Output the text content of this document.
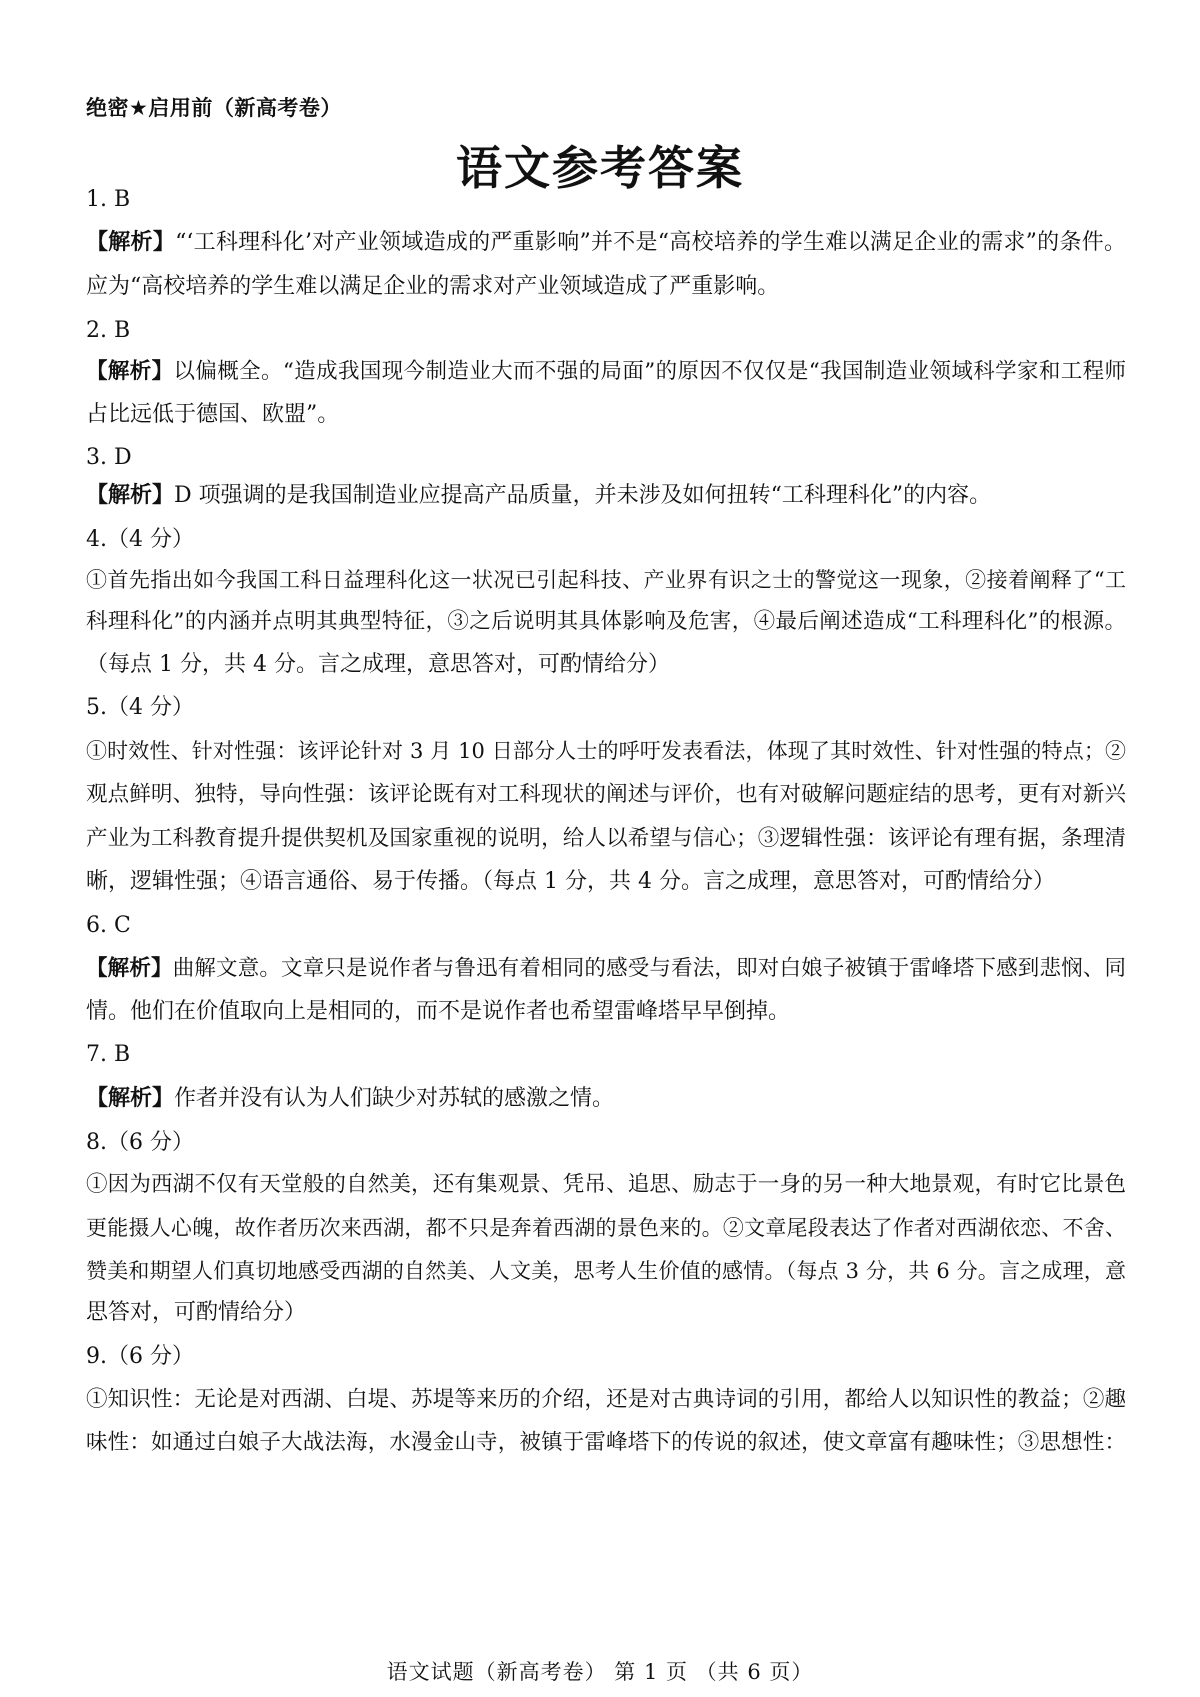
绝密★启用前（新高考卷）
语文参考答案
1. B
【解析】“‘工科理科化’对产业领域造成的严重影响”并不是“高校培养的学生难以满足企业的需求”的条件。
应为“高校培养的学生难以满足企业的需求对产业领域造成了严重影响。
2. B
【解析】以偏概全。“造成我国现今制造业大而不强的局面”的原因不仅仅是“我国制造业领域科学家和工程师
占比远低于德国、欧盟”。
3. D
【解析】D 项强调的是我国制造业应提高产品质量，并未涉及如何扭转“工科理科化”的内容。
4.（4 分）
①首先指出如今我国工科日益理科化这一状况已引起科技、产业界有识之士的警觉这一现象，②接着阐释了“工
科理科化”的内涵并点明其典型特征，③之后说明其具体影响及危害，④最后阐述造成“工科理科化”的根源。
（每点 1 分，共 4 分。言之成理，意思答对，可酌情给分）
5.（4 分）
①时效性、针对性强：该评论针对 3 月 10 日部分人士的呼吁发表看法，体现了其时效性、针对性强的特点；②
观点鲜明、独特，导向性强：该评论既有对工科现状的阐述与评价，也有对破解问题症结的思考，更有对新兴
产业为工科教育提升提供契机及国家重视的说明，给人以希望与信心；③逻辑性强：该评论有理有据，条理清
晰，逻辑性强；④语言通俗、易于传播。（每点 1 分，共 4 分。言之成理，意思答对，可酌情给分）
6. C
【解析】曲解文意。文章只是说作者与鲁迅有着相同的感受与看法，即对白娘子被镇于雷峰塔下感到悲悯、同
情。他们在价值取向上是相同的，而不是说作者也希望雷峰塔早早倒掉。
7. B
【解析】作者并没有认为人们缺少对苏轼的感激之情。
8.（6 分）
①因为西湖不仅有天堂般的自然美，还有集观景、凭吊、追思、励志于一身的另一种大地景观，有时它比景色
更能摄人心魄，故作者历次来西湖，都不只是奔着西湖的景色来的。②文章尾段表达了作者对西湖依恋、不舍、
赞美和期望人们真切地感受西湖的自然美、人文美，思考人生价值的感情。（每点 3 分，共 6 分。言之成理，意
思答对，可酌情给分）
9.（6 分）
①知识性：无论是对西湖、白堤、苏堤等来历的介绍，还是对古典诗词的引用，都给人以知识性的教益；②趣
味性：如通过白娘子大战法海，水漫金山寺，被镇于雷峰塔下的传说的叙述，使文章富有趣味性；③思想性：
语文试题（新高考卷） 第 1 页 （共 6 页）
